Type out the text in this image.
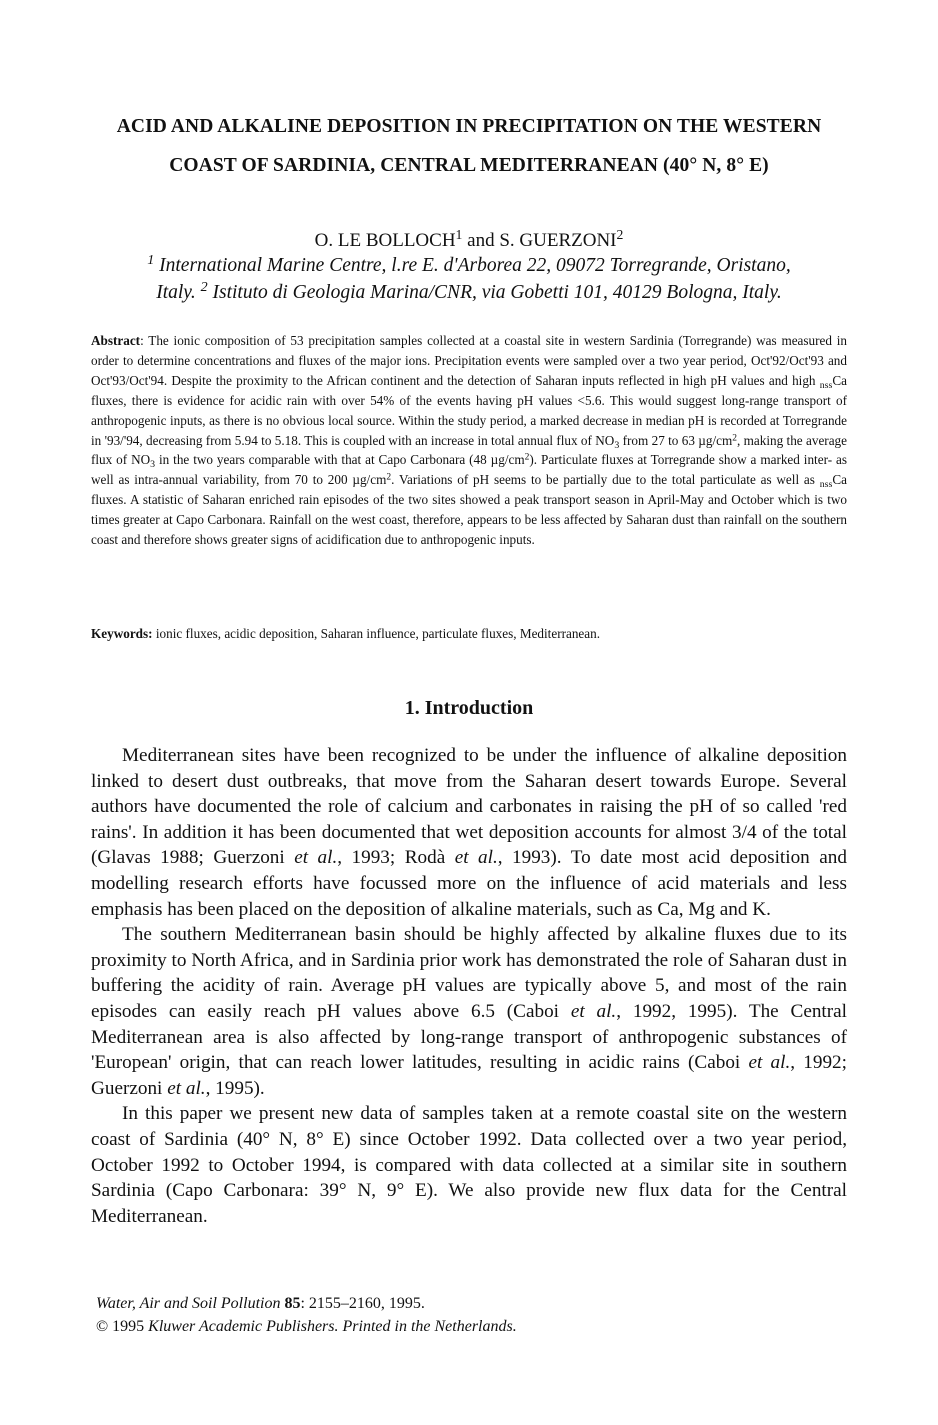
ACID AND ALKALINE DEPOSITION IN PRECIPITATION ON THE WESTERN
COAST OF SARDINIA, CENTRAL MEDITERRANEAN (40° N, 8° E)
O. LE BOLLOCH$^1$ and S. GUERZONI$^2$
$^1$ International Marine Centre, l.re E. d'Arborea 22, 09072 Torregrande, Oristano,
Italy. $^2$ Istituto di Geologia Marina/CNR, via Gobetti 101, 40129 Bologna, Italy.
Abstract: The ionic composition of 53 precipitation samples collected at a coastal site in western Sardinia (Torregrande) was measured in order to determine concentrations and fluxes of the major ions. Precipitation events were sampled over a two year period, Oct'92/Oct'93 and Oct'93/Oct'94. Despite the proximity to the African continent and the detection of Saharan inputs reflected in high pH values and high $_{nss}$Ca fluxes, there is evidence for acidic rain with over 54% of the events having pH values <5.6. This would suggest long-range transport of anthropogenic inputs, as there is no obvious local source. Within the study period, a marked decrease in median pH is recorded at Torregrande in '93/'94, decreasing from 5.94 to 5.18. This is coupled with an increase in total annual flux of $NO_3$ from 27 to 63 $\mu g/cm^2$, making the average flux of $NO_3$ in the two years comparable with that at Capo Carbonara (48 $\mu g/cm^2$). Particulate fluxes at Torregrande show a marked inter- as well as intra-annual variability, from 70 to 200 $\mu g/cm^2$. Variations of pH seems to be partially due to the total particulate as well as $_{nss}$Ca fluxes. A statistic of Saharan enriched rain episodes of the two sites showed a peak transport season in April-May and October which is two times greater at Capo Carbonara. Rainfall on the west coast, therefore, appears to be less affected by Saharan dust than rainfall on the southern coast and therefore shows greater signs of acidification due to anthropogenic inputs.
Keywords: ionic fluxes, acidic deposition, Saharan influence, particulate fluxes, Mediterranean.
1. Introduction

Mediterranean sites have been recognized to be under the influence of alkaline deposition linked to desert dust outbreaks, that move from the Saharan desert towards Europe. Several authors have documented the role of calcium and carbonates in raising the pH of so called 'red rains'. In addition it has been documented that wet deposition accounts for almost 3/4 of the total (Glavas 1988; Guerzoni et al., 1993; Rodà et al., 1993). To date most acid deposition and modelling research efforts have focussed more on the influence of acid materials and less emphasis has been placed on the deposition of alkaline materials, such as Ca, Mg and K.

The southern Mediterranean basin should be highly affected by alkaline fluxes due to its proximity to North Africa, and in Sardinia prior work has demonstrated the role of Saharan dust in buffering the acidity of rain. Average pH values are typically above 5, and most of the rain episodes can easily reach pH values above 6.5 (Caboi et al., 1992, 1995). The Central Mediterranean area is also affected by long-range transport of anthropogenic substances of 'European' origin, that can reach lower latitudes, resulting in acidic rains (Caboi et al., 1992; Guerzoni et al., 1995).

In this paper we present new data of samples taken at a remote coastal site on the western coast of Sardinia (40° N, 8° E) since October 1992. Data collected over a two year period, October 1992 to October 1994, is compared with data collected at a similar site in southern Sardinia (Capo Carbonara: 39° N, 9° E). We also provide new flux data for the Central Mediterranean.

Water, Air and Soil Pollution 85: 2155–2160, 1995.
© 1995 Kluwer Academic Publishers. Printed in the Netherlands.
